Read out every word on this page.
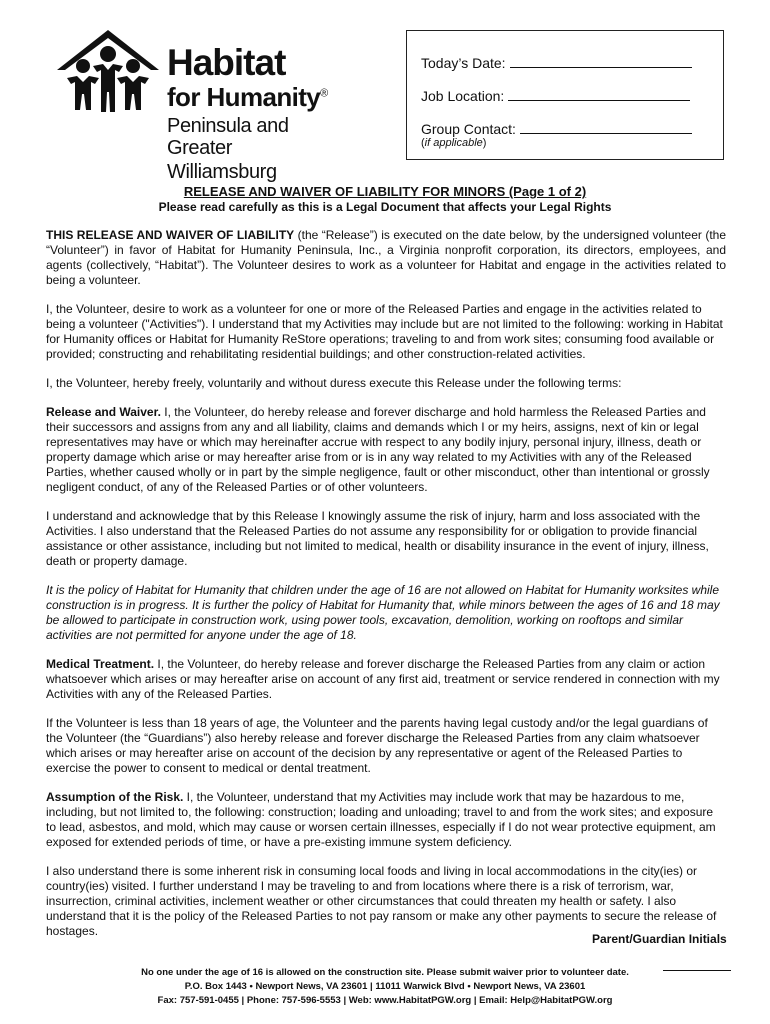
Habitat
for Humanity®
Peninsula and
Greater Williamsburg
Today’s Date:
Job Location:
Group Contact:
(if applicable)
RELEASE AND WAIVER OF LIABILITY FOR MINORS (Page 1 of 2)
Please read carefully as this is a Legal Document that affects your Legal Rights

THIS RELEASE AND WAIVER OF LIABILITY (the “Release”) is executed on the date below, by the undersigned volunteer (the “Volunteer”) in favor of Habitat for Humanity Peninsula, Inc., a Virginia nonprofit corporation, its directors, employees, and agents (collectively, “Habitat”). The Volunteer desires to work as a volunteer for Habitat and engage in the activities related to being a volunteer.

I, the Volunteer, desire to work as a volunteer for one or more of the Released Parties and engage in the activities related to being a volunteer ("Activities"). I understand that my Activities may include but are not limited to the following: working in Habitat for Humanity offices or Habitat for Humanity ReStore operations; traveling to and from work sites; consuming food available or provided; constructing and rehabilitating residential buildings; and other construction-related activities.

I, the Volunteer, hereby freely, voluntarily and without duress execute this Release under the following terms:

Release and Waiver. I, the Volunteer, do hereby release and forever discharge and hold harmless the Released Parties and their successors and assigns from any and all liability, claims and demands which I or my heirs, assigns, next of kin or legal representatives may have or which may hereinafter accrue with respect to any bodily injury, personal injury, illness, death or property damage which arise or may hereafter arise from or is in any way related to my Activities with any of the Released Parties, whether caused wholly or in part by the simple negligence, fault or other misconduct, other than intentional or grossly negligent conduct, of any of the Released Parties or of other volunteers.

I understand and acknowledge that by this Release I knowingly assume the risk of injury, harm and loss associated with the Activities. I also understand that the Released Parties do not assume any responsibility for or obligation to provide financial assistance or other assistance, including but not limited to medical, health or disability insurance in the event of injury, illness, death or property damage.

It is the policy of Habitat for Humanity that children under the age of 16 are not allowed on Habitat for Humanity worksites while construction is in progress. It is further the policy of Habitat for Humanity that, while minors between the ages of 16 and 18 may be allowed to participate in construction work, using power tools, excavation, demolition, working on rooftops and similar activities are not permitted for anyone under the age of 18.

Medical Treatment. I, the Volunteer, do hereby release and forever discharge the Released Parties from any claim or action whatsoever which arises or may hereafter arise on account of any first aid, treatment or service rendered in connection with my Activities with any of the Released Parties.

If the Volunteer is less than 18 years of age, the Volunteer and the parents having legal custody and/or the legal guardians of the Volunteer (the “Guardians”) also hereby release and forever discharge the Released Parties from any claim whatsoever which arises or may hereafter arise on account of the decision by any representative or agent of the Released Parties to exercise the power to consent to medical or dental treatment.

Assumption of the Risk. I, the Volunteer, understand that my Activities may include work that may be hazardous to me, including, but not limited to, the following: construction; loading and unloading; travel to and from the work sites; and exposure to lead, asbestos, and mold, which may cause or worsen certain illnesses, especially if I do not wear protective equipment, am exposed for extended periods of time, or have a pre-existing immune system deficiency.

I also understand there is some inherent risk in consuming local foods and living in local accommodations in the city(ies) or country(ies) visited. I further understand I may be traveling to and from locations where there is a risk of terrorism, war, insurrection, criminal activities, inclement weather or other circumstances that could threaten my health or safety. I also understand that it is the policy of the Released Parties to not pay ransom or make any other payments to secure the release of hostages.

Parent/Guardian Initials
No one under the age of 16 is allowed on the construction site. Please submit waiver prior to volunteer date.
P.O. Box 1443 • Newport News, VA 23601 | 11011 Warwick Blvd • Newport News, VA 23601
Fax: 757-591-0455 | Phone: 757-596-5553 | Web: www.HabitatPGW.org | Email: Help@HabitatPGW.org
